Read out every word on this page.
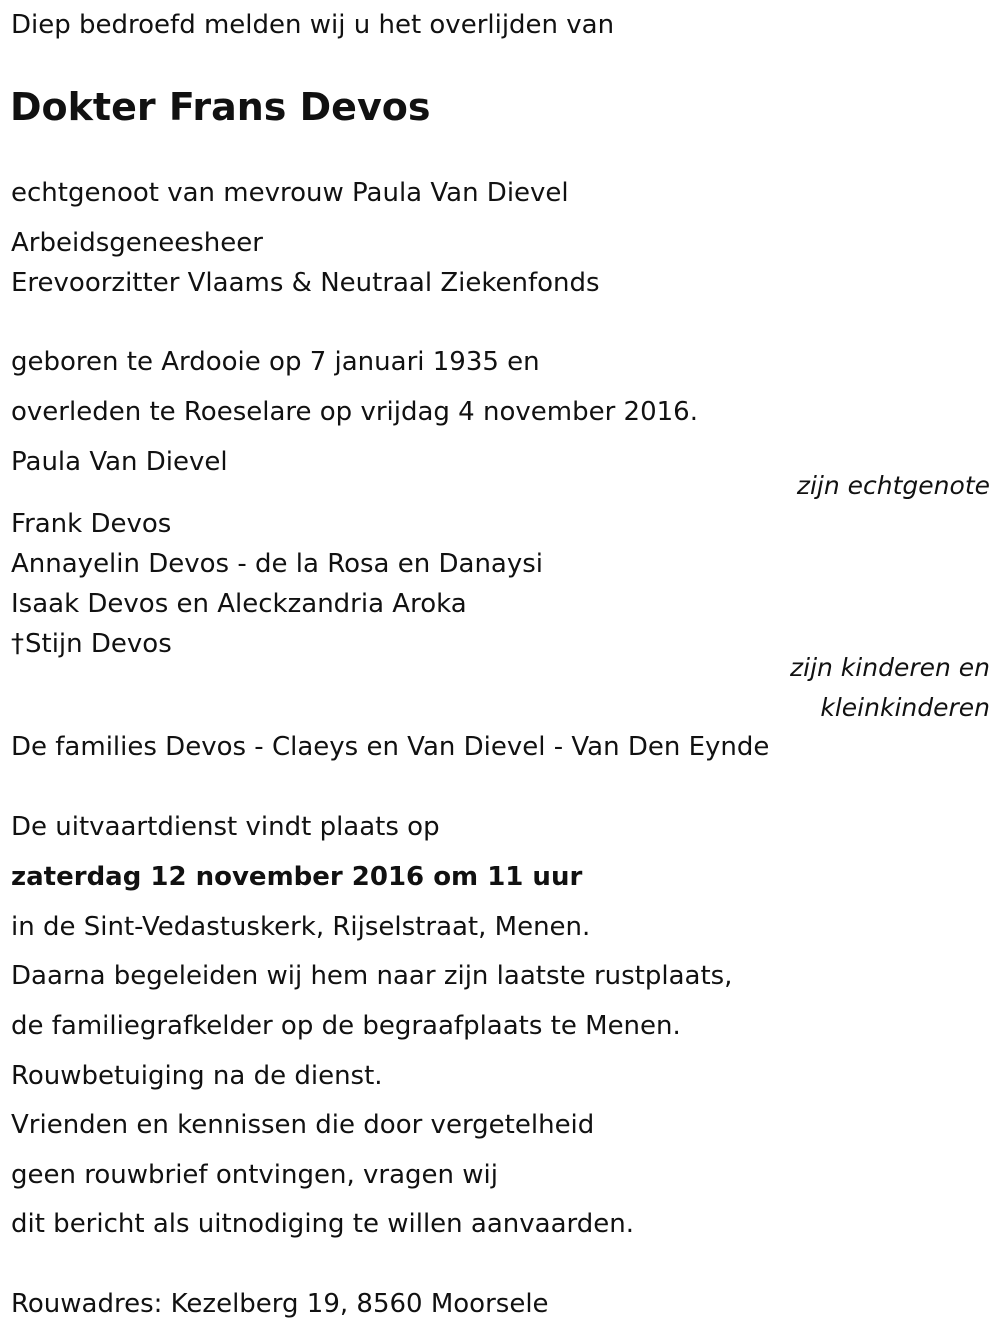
Diep bedroefd melden wij u het overlijden van

Dokter Frans Devos

echtgenoot van mevrouw Paula Van Dievel

Arbeidsgeneesheer

Erevoorzitter Vlaams & Neutraal Ziekenfonds

geboren te Ardooie op 7 januari 1935 en

overleden te Roeselare op vrijdag 4 november 2016.

Paula Van Dievel

zijn echtgenote

Frank Devos

Annayelin Devos - de la Rosa en Danaysi

Isaak Devos en Aleckzandria Aroka

†Stijn Devos

zijn kinderen en
kleinkinderen

De families Devos - Claeys en Van Dievel - Van Den Eynde

De uitvaartdienst vindt plaats op

zaterdag 12 november 2016 om 11 uur

in de Sint-Vedastuskerk, Rijselstraat, Menen.

Daarna begeleiden wij hem naar zijn laatste rustplaats,

de familiegrafkelder op de begraafplaats te Menen.

Rouwbetuiging na de dienst.

Vrienden en kennissen die door vergetelheid

geen rouwbrief ontvingen, vragen wij

dit bericht als uitnodiging te willen aanvaarden.

Rouwadres: Kezelberg 19, 8560 Moorsele
